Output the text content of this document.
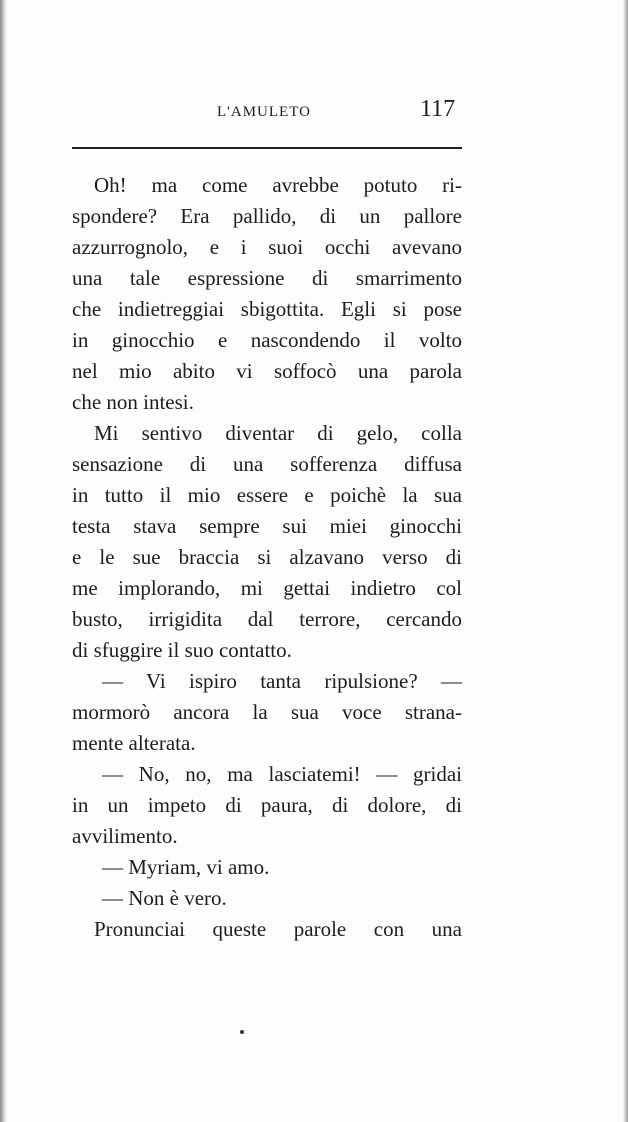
L'AMULETO	117
Oh! ma come avrebbe potuto ri-
spondere? Era pallido, di un pallore
azzurrognolo, e i suoi occhi avevano
una tale espressione di smarrimento
che indietreggiai sbigottita. Egli si pose
in ginocchio e nascondendo il volto
nel mio abito vi soffocò una parola
che non intesi.
Mi sentivo diventar di gelo, colla
sensazione di una sofferenza diffusa
in tutto il mio essere e poichè la sua
testa stava sempre sui miei ginocchi
e le sue braccia si alzavano verso di
me implorando, mi gettai indietro col
busto, irrigidita dal terrore, cercando
di sfuggire il suo contatto.
— Vi ispiro tanta ripulsione? —
mormorò ancora la sua voce strana-
mente alterata.
— No, no, ma lasciatemi! — gridai
in un impeto di paura, di dolore, di
avvilimento.
— Myriam, vi amo.
— Non è vero.
Pronunciai queste parole con una
